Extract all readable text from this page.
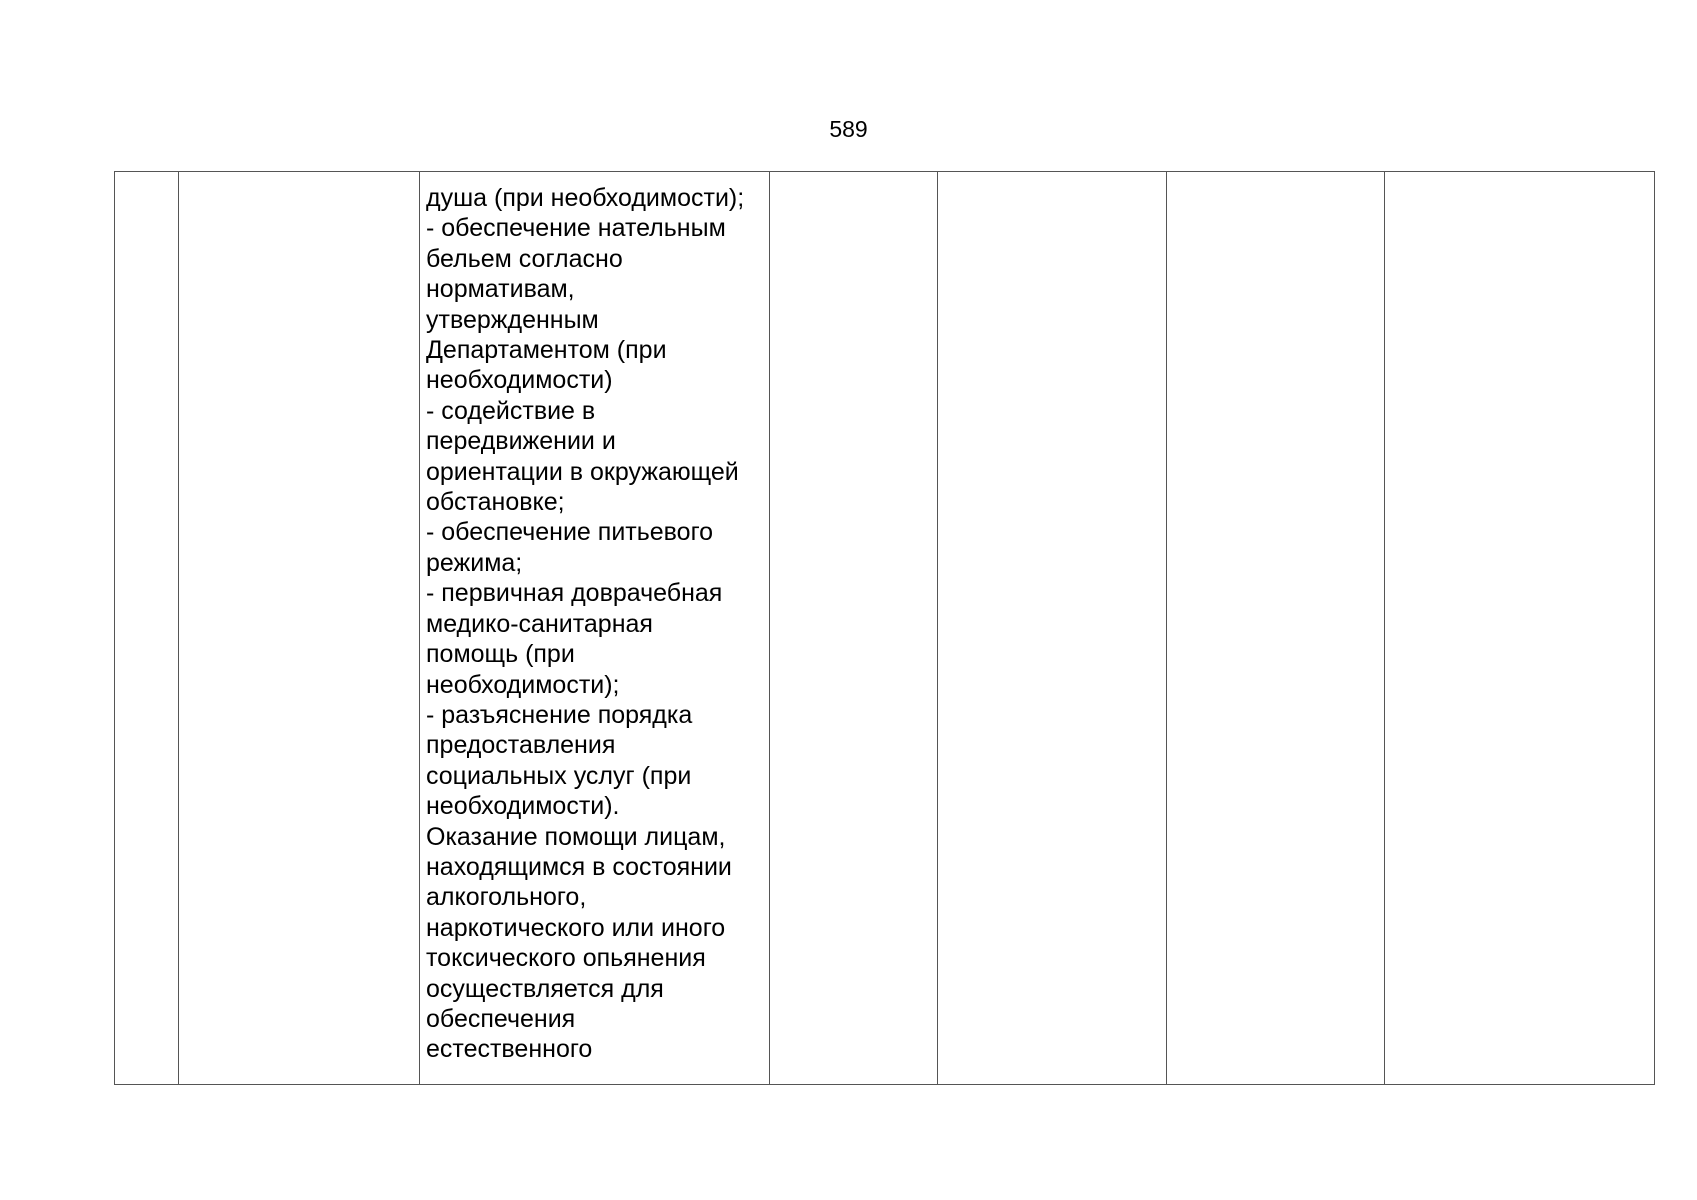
589

душа (при необходимости);
- обеспечение нательным
бельем согласно
нормативам,
утвержденным
Департаментом (при
необходимости)
- содействие в
передвижении и
ориентации в окружающей
обстановке;
- обеспечение питьевого
режима;
- первичная доврачебная
медико-санитарная
помощь (при
необходимости);
- разъяснение порядка
предоставления
социальных услуг (при
необходимости).
Оказание помощи лицам,
находящимся в состоянии
алкогольного,
наркотического или иного
токсического опьянения
осуществляется для
обеспечения
естественного
